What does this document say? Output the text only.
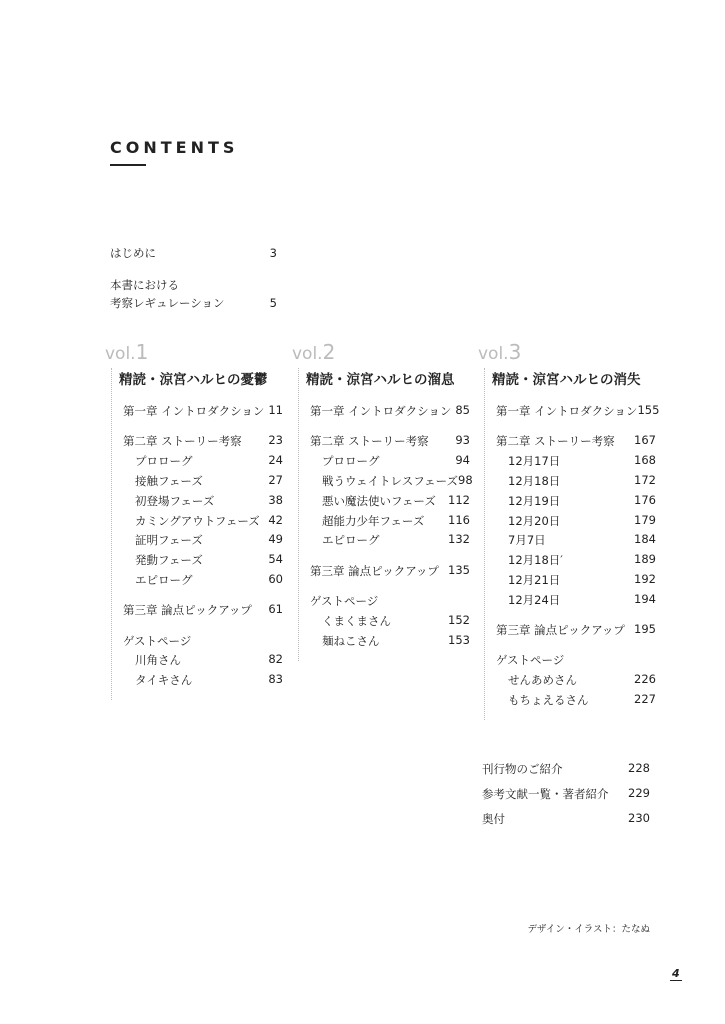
CONTENTS
はじめに	3
本書における
考察レギュレーション	5
vol.1
精読・涼宮ハルヒの憂鬱
第一章 イントロダクション 11
第二章 ストーリー考察 23
プロローグ	24
接触フェーズ	27
初登場フェーズ	38
カミングアウトフェーズ 42
証明フェーズ	49
発動フェーズ	54
エピローグ	60
第三章 論点ピックアップ 61
ゲストページ
川角さん	82
タイキさん	83
vol.2
精読・涼宮ハルヒの溜息
第一章 イントロダクション 85
第二章 ストーリー考察 93
プロローグ	94
戦うウェイトレスフェーズ 98
悪い魔法使いフェーズ 112
超能力少年フェーズ 116
エピローグ	132
第三章 論点ピックアップ 135
ゲストページ
くまくまさん	152
麺ねこさん	153
vol.3
精読・涼宮ハルヒの消失
第一章 イントロダクション 155
第二章 ストーリー考察 167
12月17日	168
12月18日	172
12月19日	176
12月20日	179
7月7日	184
12月18日′	189
12月21日	192
12月24日	194
第三章 論点ピックアップ 195
ゲストページ
せんあめさん	226
もちょえるさん	227
刊行物のご紹介	228
参考文献一覧・著者紹介 229
奥付	230
デザイン・イラスト：たなぬ
4
